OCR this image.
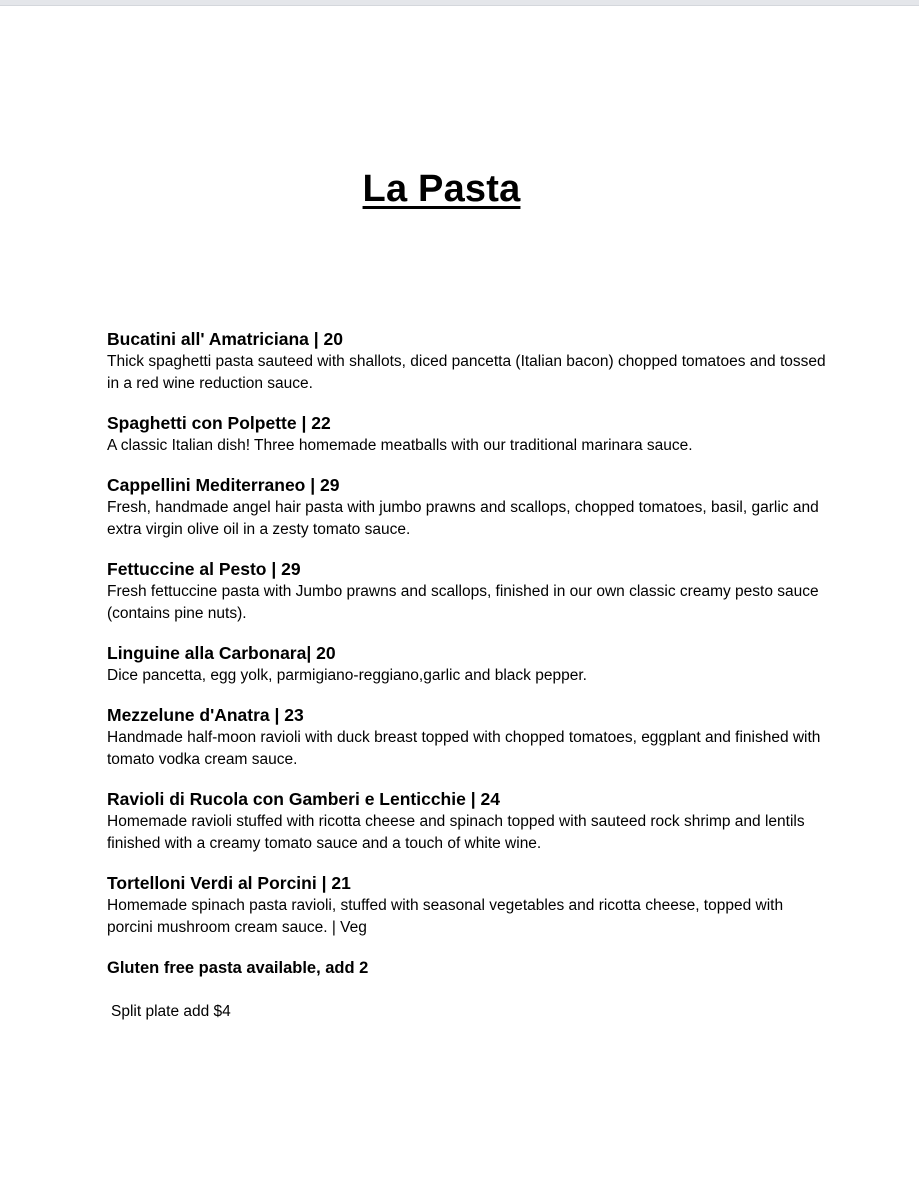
La Pasta

Bucatini all' Amatriciana | 20

Thick spaghetti pasta sauteed with shallots, diced pancetta (Italian bacon) chopped tomatoes and tossed in a red wine reduction sauce.

Spaghetti con Polpette | 22

A classic Italian dish! Three homemade meatballs with our traditional marinara sauce.

Cappellini Mediterraneo | 29

Fresh, handmade angel hair pasta with jumbo prawns and scallops, chopped tomatoes, basil, garlic and extra virgin olive oil in a zesty tomato sauce.

Fettuccine al Pesto | 29

Fresh fettuccine pasta with Jumbo prawns and scallops, finished in our own classic creamy pesto sauce (contains pine nuts).

Linguine alla Carbonara| 20

Dice pancetta, egg yolk, parmigiano-reggiano,garlic and black pepper.

Mezzelune d'Anatra | 23

Handmade half-moon ravioli with duck breast topped with chopped tomatoes, eggplant and finished with tomato vodka cream sauce.

Ravioli di Rucola con Gamberi e Lenticchie | 24

Homemade ravioli stuffed with ricotta cheese and spinach topped with sauteed rock shrimp and lentils finished with a creamy tomato sauce and a touch of white wine.

Tortelloni Verdi al Porcini | 21

Homemade spinach pasta ravioli, stuffed with seasonal vegetables and ricotta cheese, topped with porcini mushroom cream sauce. | Veg

Gluten free pasta available, add 2

Split plate add $4
